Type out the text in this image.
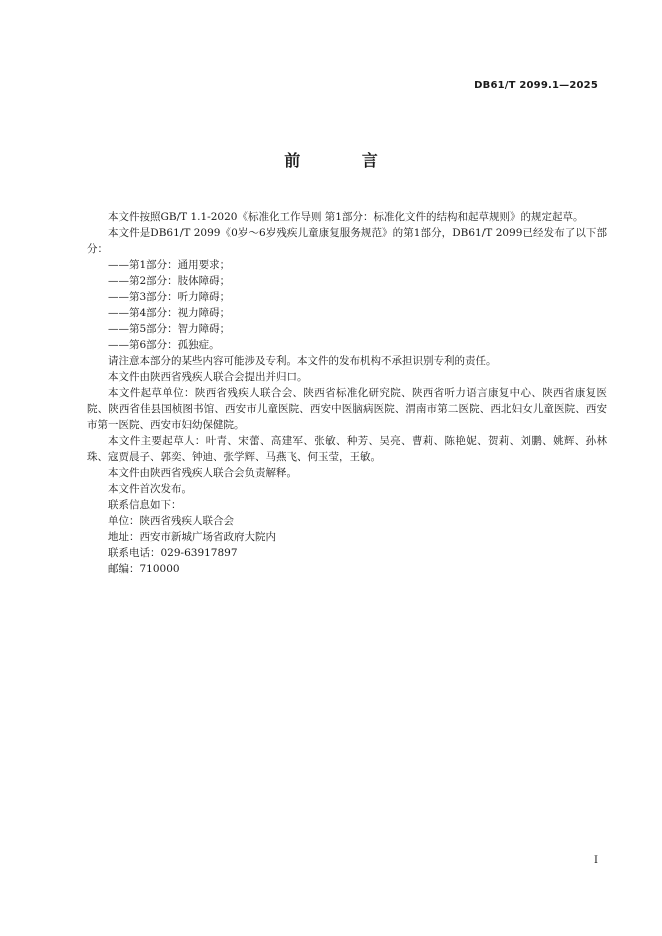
DB61/T 2099.1—2025
前 言

本文件按照GB/T 1.1-2020《标准化工作导则 第1部分：标准化文件的结构和起草规则》的规定起草。

本文件是DB61/T 2099《0岁～6岁残疾儿童康复服务规范》的第1部分，DB61/T 2099已经发布了以下部分：

——第1部分：通用要求；

——第2部分：肢体障碍；

——第3部分：听力障碍；

——第4部分：视力障碍；

——第5部分：智力障碍；

——第6部分：孤独症。

请注意本部分的某些内容可能涉及专利。本文件的发布机构不承担识别专利的责任。

本文件由陕西省残疾人联合会提出并归口。

本文件起草单位：陕西省残疾人联合会、陕西省标准化研究院、陕西省听力语言康复中心、陕西省康复医院、陕西省佳县国桢图书馆、西安市儿童医院、西安中医脑病医院、渭南市第二医院、西北妇女儿童医院、西安市第一医院、西安市妇幼保健院。

本文件主要起草人：叶青、宋蕾、高建军、张敏、种芳、吴亮、曹莉、陈艳妮、贺莉、刘鹏、姚辉、孙林珠、寇贾晨子、郭奕、钟迪、张学辉、马燕飞、何玉莹，王敏。

本文件由陕西省残疾人联合会负责解释。

本文件首次发布。

联系信息如下：

单位：陕西省残疾人联合会

地址：西安市新城广场省政府大院内

联系电话：029-63917897

邮编：710000

I
